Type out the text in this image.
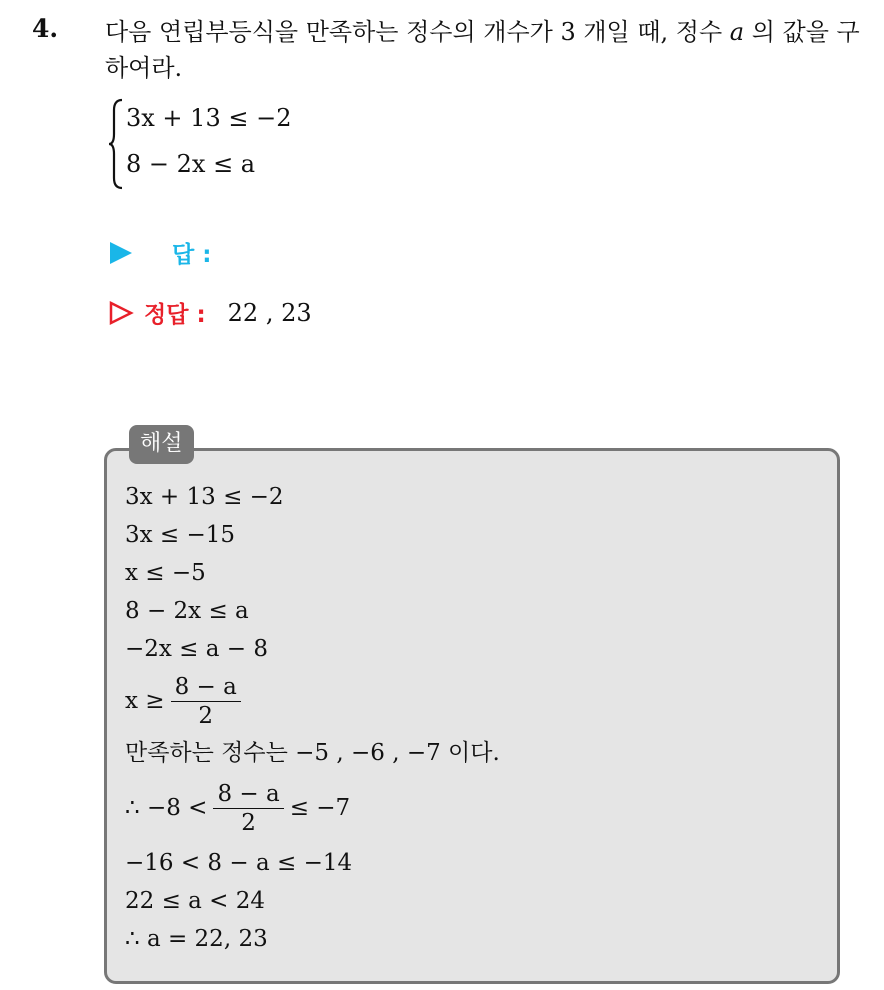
4. 다음 연립부등식을 만족하는 정수의 개수가 3 개일 때, 정수 a 의 값을 구하여라.
3x + 13 ≤ −2
8 − 2x ≤ a
답 :
정답 : 22 , 23
해설
3x + 13 ≤ −2
3x ≤ −15
x ≤ −5
8 − 2x ≤ a
−2x ≤ a − 8
$x \ge \frac{8 - a}{2}$
만족하는 정수는 −5 , −6 , −7 이다.
∴ $-8 < \frac{8 - a}{2} \le -7$
−16 < 8 − a ≤ −14
22 ≤ a < 24
∴ a = 22, 23
